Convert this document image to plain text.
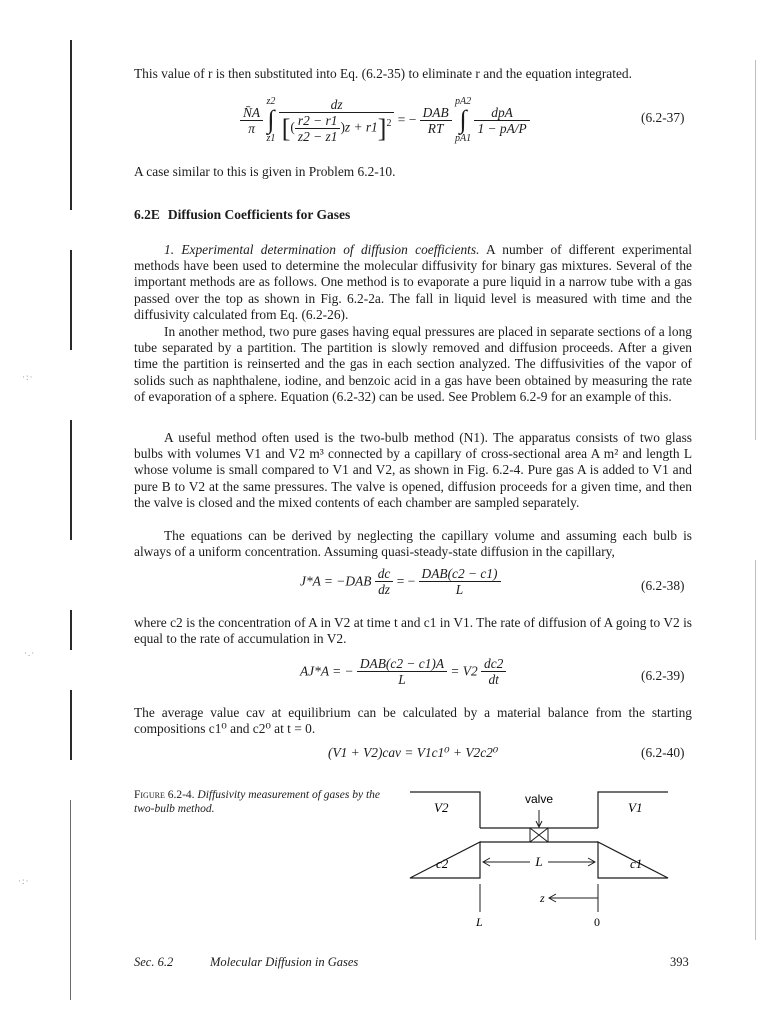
·:·
·.·
·:·
This value of r is then substituted into Eq. (6.2-35) to eliminate r and the equation integrated.
$\frac{N̄A}{\pi}$

z2
∫
z1
$\frac{dz}{[( \frac{r2 - r1}{z2 - z1} )z + r1]^2}$ = − $\frac{\text{DAB}}{RT}$

pA2
∫
pA1

$\frac{\text{dpA}}{1 - pA/P}$	(6.2-37)
A case similar to this is given in Problem 6.2-10.
6.2E Diffusion Coefficients for Gases
1. Experimental determination of diffusion coefficients. A number of different experimental methods have been used to determine the molecular diffusivity for binary gas mixtures. Several of the important methods are as follows. One method is to evaporate a pure liquid in a narrow tube with a gas passed over the top as shown in Fig. 6.2-2a. The fall in liquid level is measured with time and the diffusivity calculated from Eq. (6.2-26).
In another method, two pure gases having equal pressures are placed in separate sections of a long tube separated by a partition. The partition is slowly removed and diffusion proceeds. After a given time the partition is reinserted and the gas in each section analyzed. The diffusivities of the vapor of solids such as naphthalene, iodine, and benzoic acid in a gas have been obtained by measuring the rate of evaporation of a sphere. Equation (6.2-32) can be used. See Problem 6.2-9 for an example of this.
A useful method often used is the two-bulb method (N1). The apparatus consists of two glass bulbs with volumes V1 and V2 m³ connected by a capillary of cross-sectional area A m² and length L whose volume is small compared to V1 and V2, as shown in Fig. 6.2-4. Pure gas A is added to V1 and pure B to V2 at the same pressures. The valve is opened, diffusion proceeds for a given time, and then the valve is closed and the mixed contents of each chamber are sampled separately.
The equations can be derived by neglecting the capillary volume and assuming each bulb is always of a uniform concentration. Assuming quasi-steady-state diffusion in the capillary,
$J*A = -DAB \frac{dc}{dz}$ = − $\frac{\text{DAB(c2 − c1)}}{L}$	(6.2-38)
where c2 is the concentration of A in V2 at time t and c1 in V1. The rate of diffusion of A going to V2 is equal to the rate of accumulation in V2.
AJ*A = − $\frac{\text{DAB(c2 − c1)A}}{L} = V2 \frac{dc2}{dt}$	(6.2-39)
The average value cav at equilibrium can be calculated by a material balance from the starting compositions c1⁰ and c2⁰ at t = 0.
(V1 + V2)cav = V1c1⁰ + V2c2⁰	(6.2-40)
Figure 6.2-4. Diffusivity measurement of gases by the two-bulb method.
valve
V2	V1
c2	c1
L
z
L	0
Sec. 6.2	Molecular Diffusion in Gases	393
